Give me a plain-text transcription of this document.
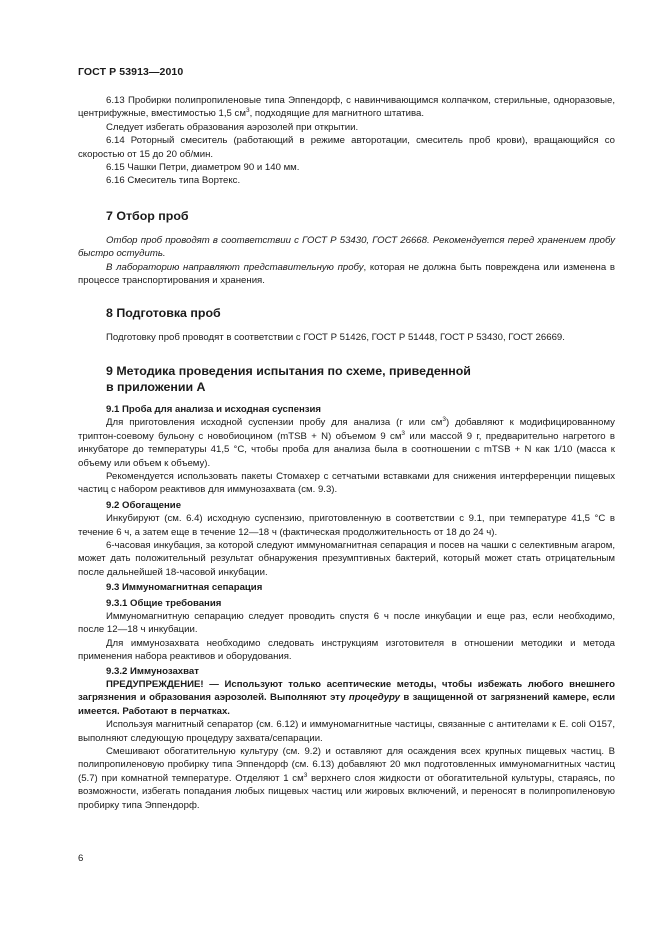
ГОСТ Р 53913—2010

6.13 Пробирки полипропиленовые типа Эппендорф, с навинчивающимся колпачком, стерильные, одноразовые, центрифужные, вместимостью 1,5 $см^3$, подходящие для магнитного штатива.

Следует избегать образования аэрозолей при открытии.

6.14 Роторный смеситель (работающий в режиме авторотации, смеситель проб крови), вращающийся со скоростью от 15 до 20 об/мин.

6.15 Чашки Петри, диаметром 90 и 140 мм.

6.16 Смеситель типа Вортекс.

7 Отбор проб

Отбор проб проводят в соответствии с ГОСТ Р 53430, ГОСТ 26668. Рекомендуется перед хранением пробу быстро остудить.

В лабораторию направляют представительную пробу, которая не должна быть повреждена или изменена в процессе транспортирования и хранения.

8 Подготовка проб

Подготовку проб проводят в соответствии с ГОСТ Р 51426, ГОСТ Р 51448, ГОСТ Р 53430, ГОСТ 26669.

9 Методика проведения испытания по схеме, приведенной
в приложении А
9.1 Проба для анализа и исходная суспензия

Для приготовления исходной суспензии пробу для анализа (г или $см^3$) добавляют к модифицированному триптон-соевому бульону с новобиоцином (mTSB + N) объемом 9 $см^3$ или массой 9 г, предварительно нагретого в инкубаторе до температуры 41,5 °С, чтобы проба для анализа была в соотношении с mTSB + N как 1/10 (масса к объему или объем к объему).

Рекомендуется использовать пакеты Стомахер с сетчатыми вставками для снижения интерференции пищевых частиц с набором реактивов для иммунозахвата (см. 9.3).

9.2 Обогащение

Инкубируют (см. 6.4) исходную суспензию, приготовленную в соответствии с 9.1, при температуре 41,5 °С в течение 6 ч, а затем еще в течение 12—18 ч (фактическая продолжительность от 18 до 24 ч).

6-часовая инкубация, за которой следуют иммуномагнитная сепарация и посев на чашки с селективным агаром, может дать положительный результат обнаружения презумптивных бактерий, который может стать отрицательным после дальнейшей 18-часовой инкубации.

9.3 Иммуномагнитная сепарация
9.3.1 Общие требования

Иммуномагнитную сепарацию следует проводить спустя 6 ч после инкубации и еще раз, если необходимо, после 12—18 ч инкубации.

Для иммунозахвата необходимо следовать инструкциям изготовителя в отношении методики и метода применения набора реактивов и оборудования.

9.3.2 Иммунозахват

ПРЕДУПРЕЖДЕНИЕ! — Используют только асептические методы, чтобы избежать любого внешнего загрязнения и образования аэрозолей. Выполняют эту процедуру в защищенной от загрязнений камере, если имеется. Работают в перчатках.

Используя магнитный сепаратор (см. 6.12) и иммуномагнитные частицы, связанные с антителами к E. coli O157, выполняют следующую процедуру захвата/сепарации.

Смешивают обогатительную культуру (см. 9.2) и оставляют для осаждения всех крупных пищевых частиц. В полипропиленовую пробирку типа Эппендорф (см. 6.13) добавляют 20 мкл подготовленных иммуномагнитных частиц (5.7) при комнатной температуре. Отделяют 1 $см^3$ верхнего слоя жидкости от обогатительной культуры, стараясь, по возможности, избегать попадания любых пищевых частиц или жировых включений, и переносят в полипропиленовую пробирку типа Эппендорф.

6
